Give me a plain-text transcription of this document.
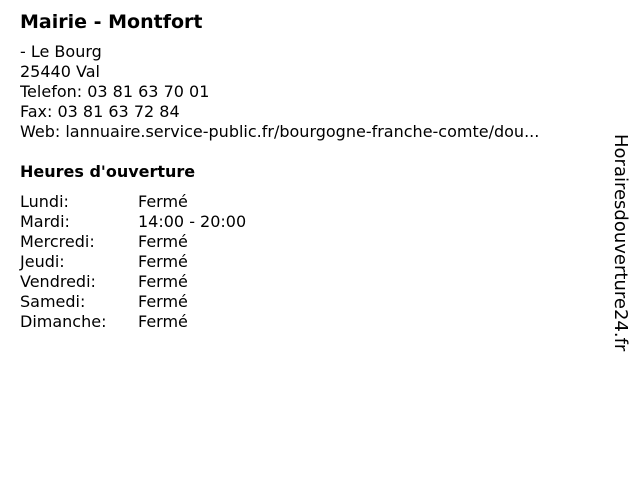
Mairie - Montfort
- Le Bourg
25440 Val
Telefon: 03 81 63 70 01
Fax: 03 81 63 72 84
Web: lannuaire.service-public.fr/bourgogne-franche-comte/dou...
Heures d'ouverture
Lundi:	Fermé
Mardi:	14:00 - 20:00
Mercredi:	Fermé
Jeudi:	Fermé
Vendredi:	Fermé
Samedi:	Fermé
Dimanche:	Fermé	Horairesdouverture24.fr
